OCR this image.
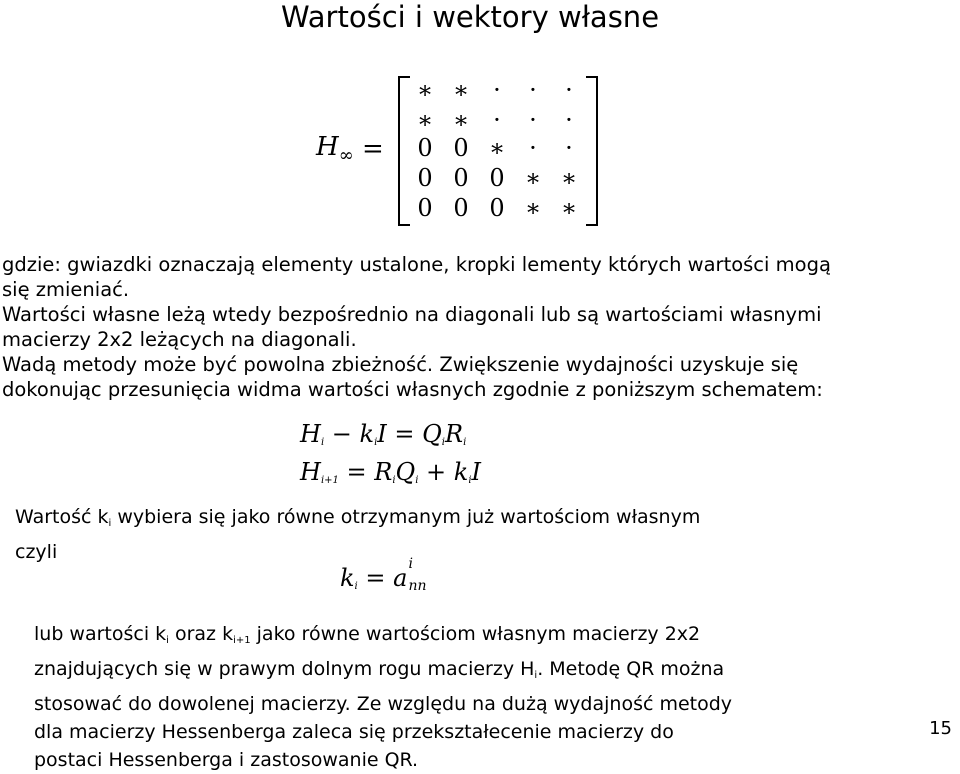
Wartości i wektory własne
$H_\infty$ =
∗ ∗	·	·	·
∗ ∗	·	·	·
0 0 ∗	·	·
0 0 0 ∗ ∗
0 0 0 ∗ ∗
gdzie: gwiazdki oznaczają elementy ustalone, kropki lementy których wartości mogą
się zmieniać.
Wartości własne leżą wtedy bezpośrednio na diagonali lub są wartościami własnymi
macierzy 2x2 leżących na diagonali.
Wadą metody może być powolna zbieżność. Zwiększenie wydajności uzyskuje się
dokonując przesunięcia widma wartości własnych zgodnie z poniższym schematem:
$H_i - k_iI = Q_iR_i$
$H_{i+1} = R_iQ_i + k_iI$
Wartość $k_i$ wybiera się jako równe otrzymanym już wartościom własnym
czyli
$k_i = a$ i
nn
lub wartości $k_i$ oraz $k_{i+1}$ jako równe wartościom własnym macierzy 2x2
znajdujących się w prawym dolnym rogu macierzy $H_i$. Metodę QR można
stosować do dowolenej macierzy. Ze względu na dużą wydajność metody
dla macierzy Hessenberga zaleca się przekształecenie macierzy do
postaci Hessenberga i zastosowanie QR.
15
